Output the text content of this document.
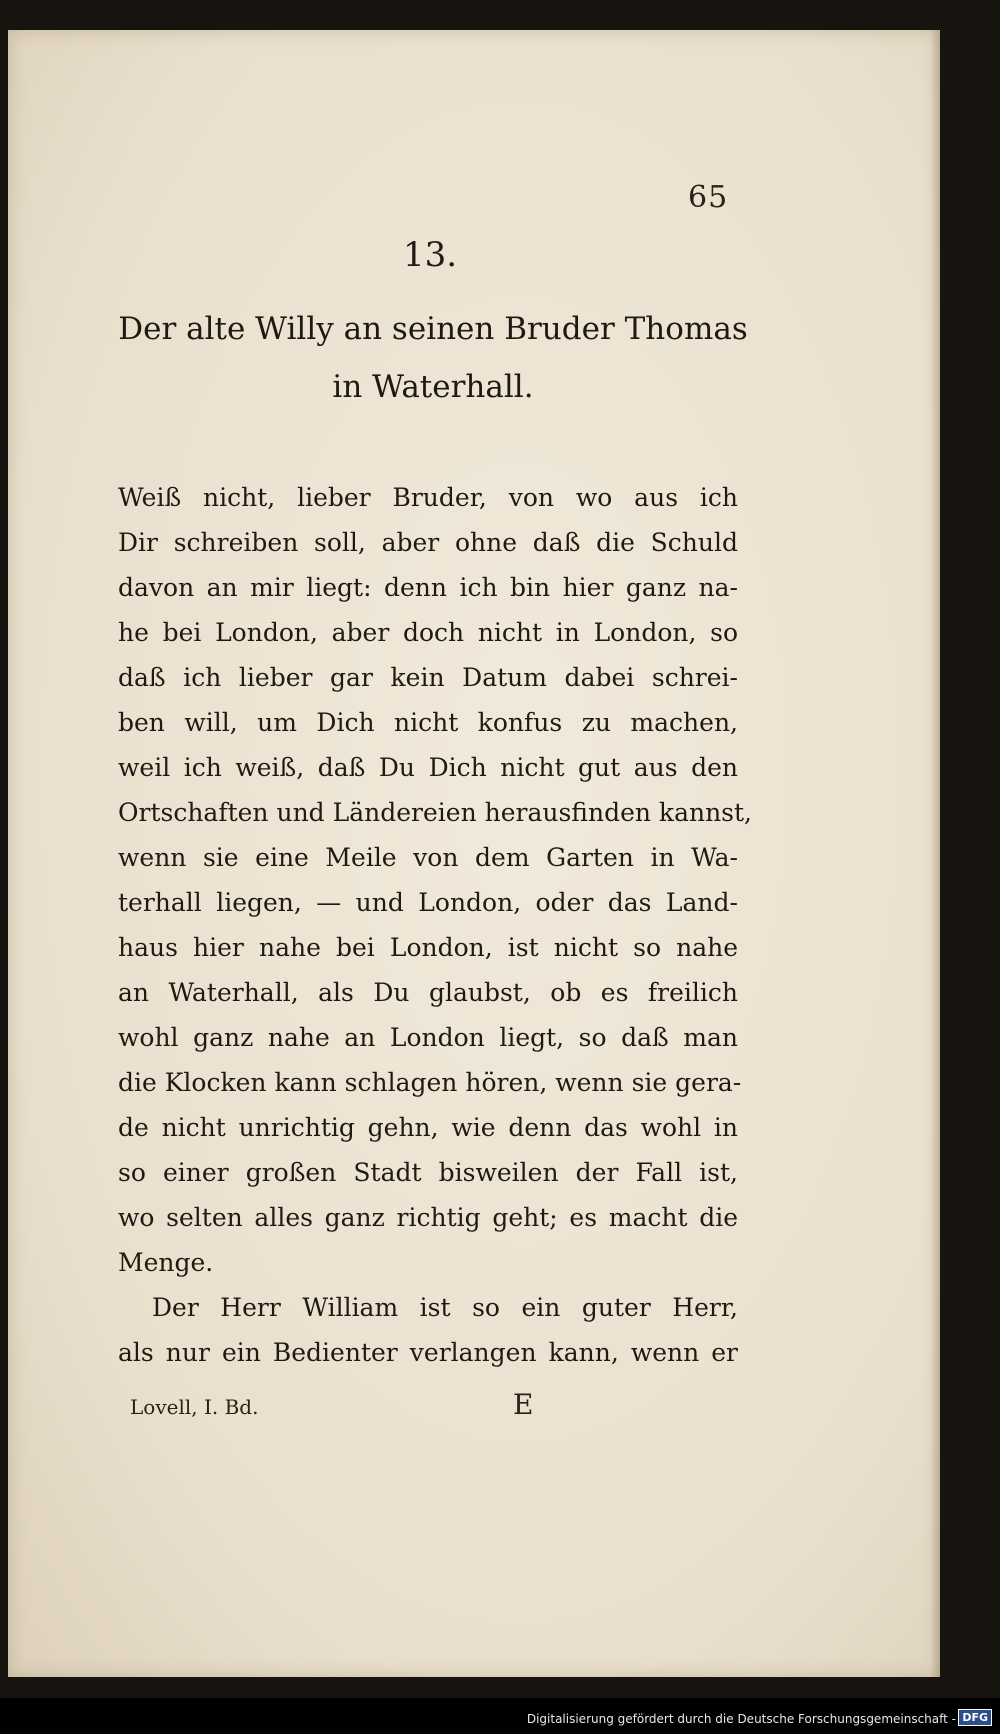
65
13.
Der alte Willy an seinen Bruder Thomas
in Waterhall.
Weiß nicht, lieber Bruder, von wo aus ich
Dir schreiben soll, aber ohne daß die Schuld
davon an mir liegt: denn ich bin hier ganz na-
he bei London, aber doch nicht in London, so
daß ich lieber gar kein Datum dabei schrei-
ben will, um Dich nicht konfus zu machen,
weil ich weiß, daß Du Dich nicht gut aus den
Ortschaften und Ländereien herausfinden kannst,
wenn sie eine Meile von dem Garten in Wa-
terhall liegen, — und London, oder das Land-
haus hier nahe bei London, ist nicht so nahe
an Waterhall, als Du glaubst, ob es freilich
wohl ganz nahe an London liegt, so daß man
die Klocken kann schlagen hören, wenn sie gera-
de nicht unrichtig gehn, wie denn das wohl in
so einer großen Stadt bisweilen der Fall ist,
wo selten alles ganz richtig geht; es macht die
Menge.
Der Herr William ist so ein guter Herr,
als nur ein Bedienter verlangen kann, wenn er
Lovell, I. Bd.	E
Digitalisierung gefördert durch die Deutsche Forschungsgemeinschaft - DFG
